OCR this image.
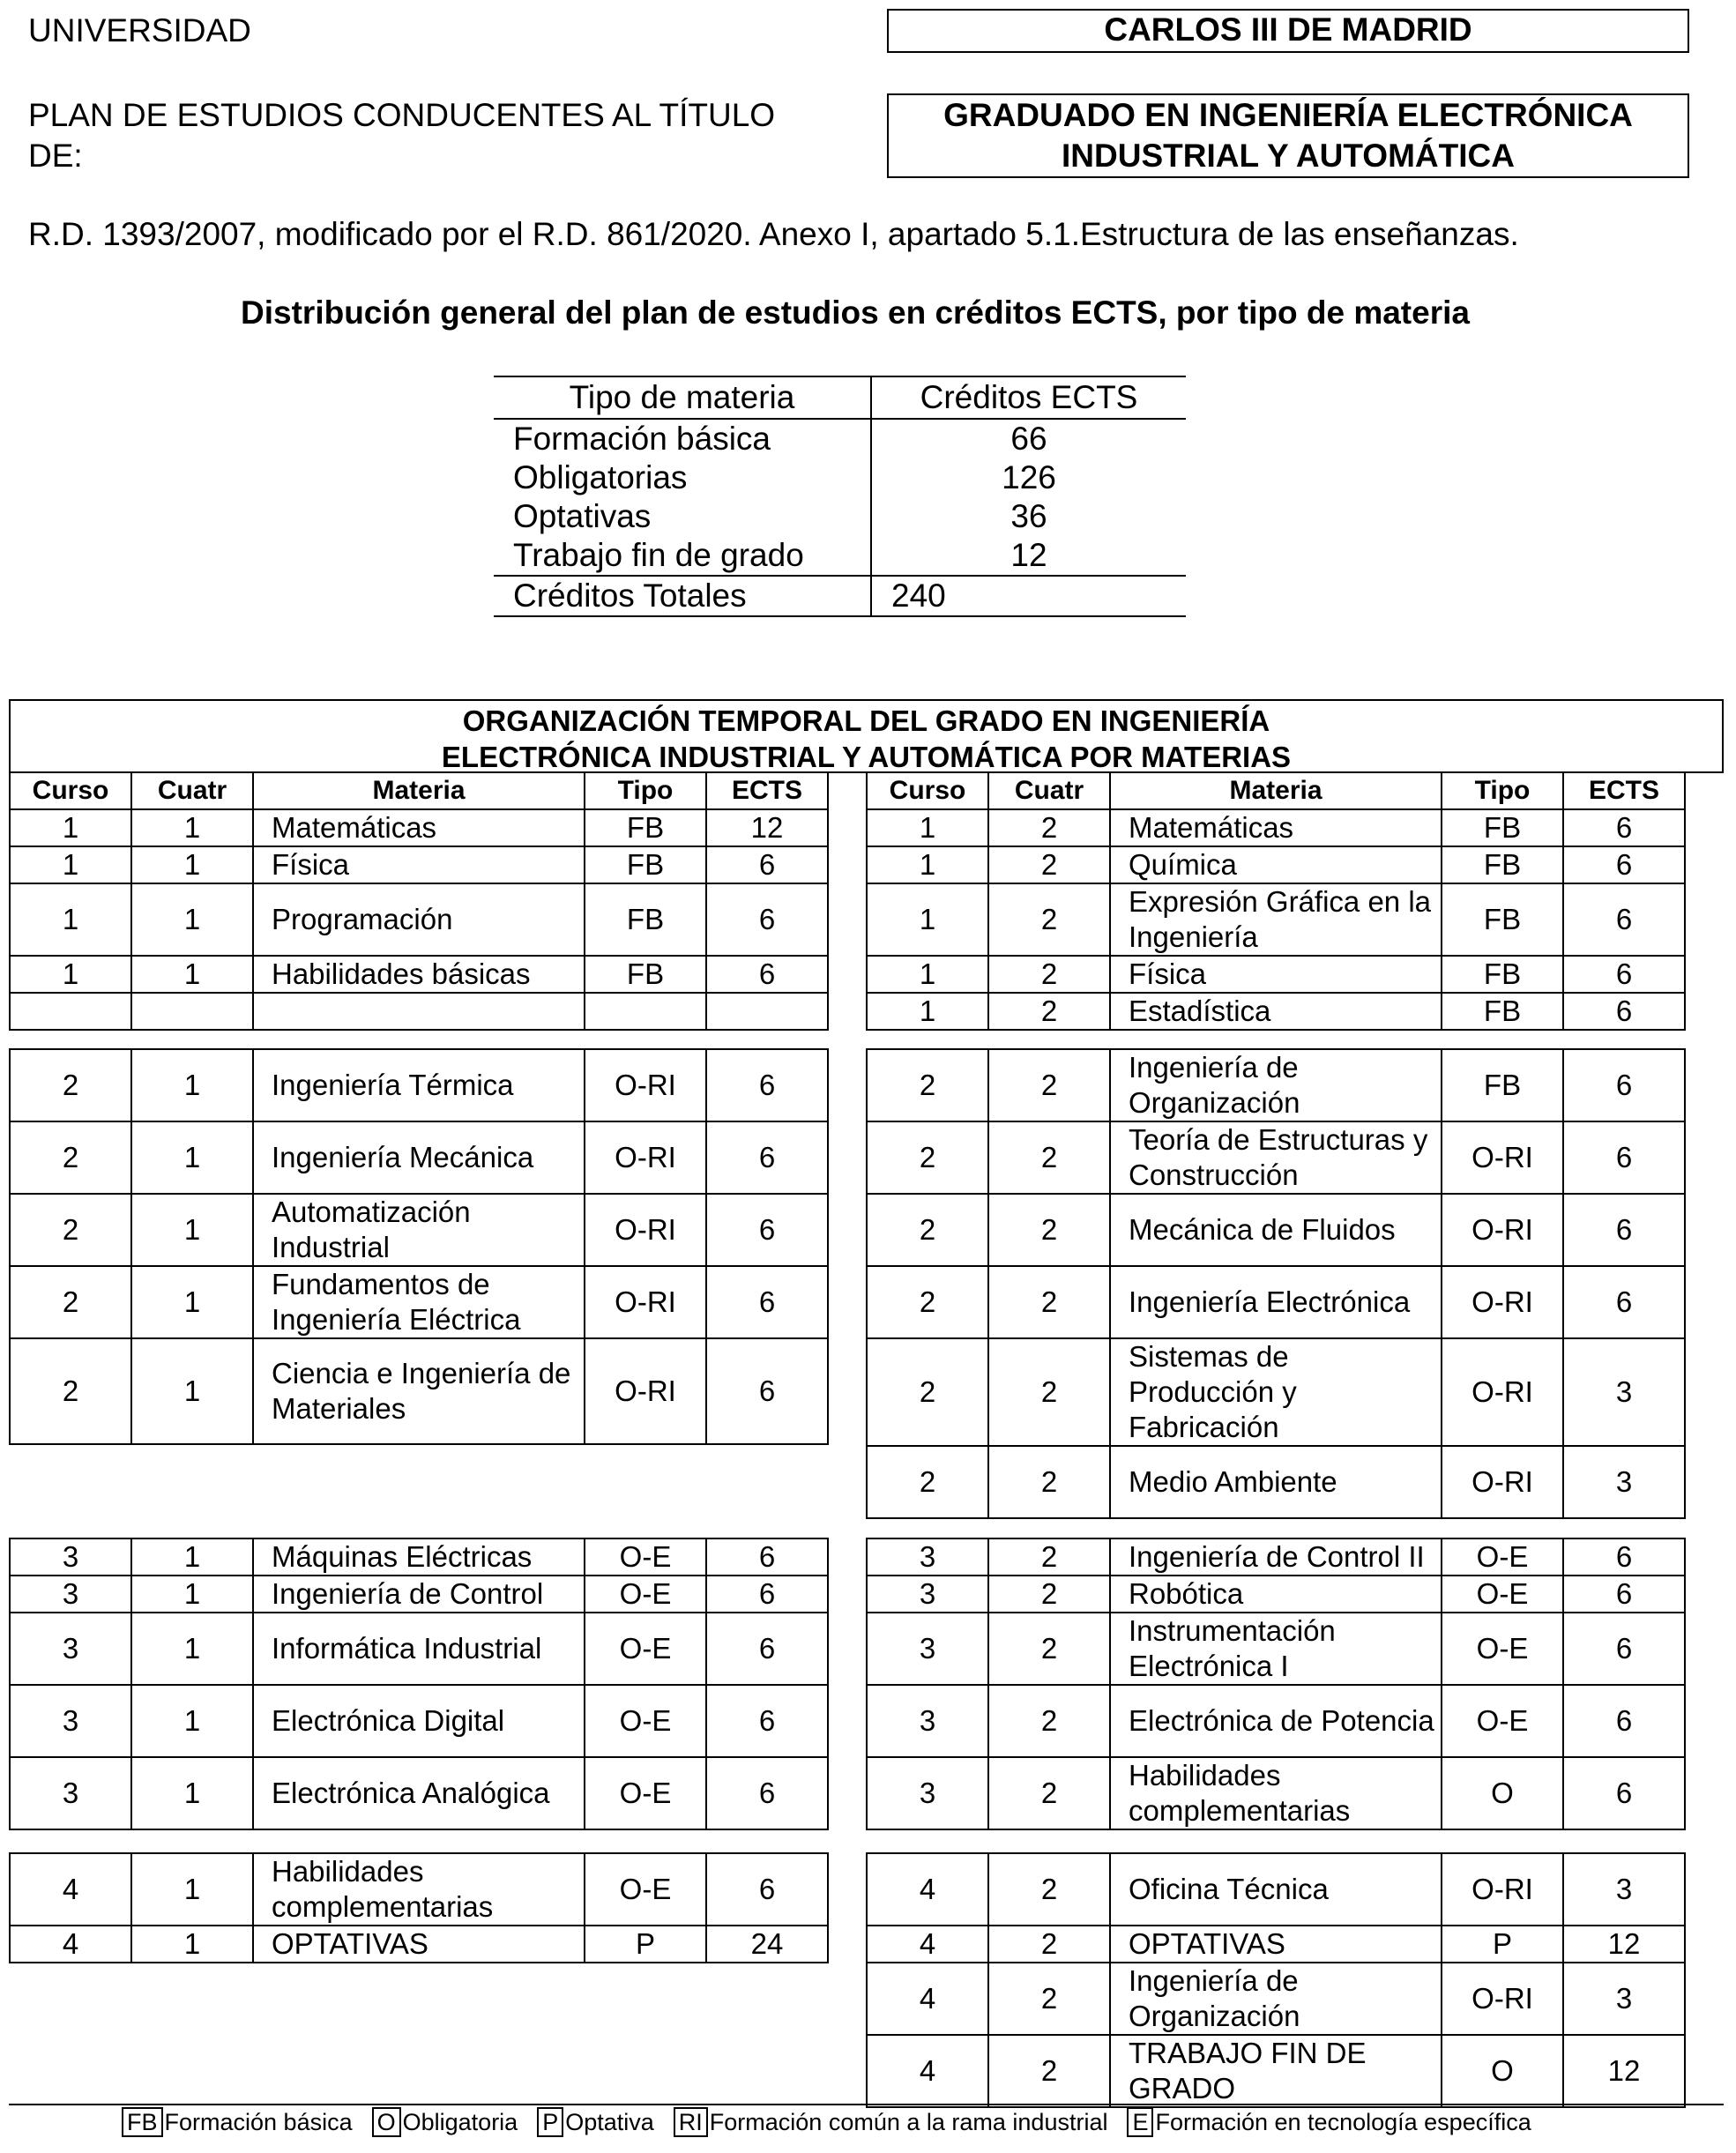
UNIVERSIDAD	CARLOS III DE MADRID
PLAN DE ESTUDIOS CONDUCENTES AL TÍTULO
DE:
GRADUADO EN INGENIERÍA ELECTRÓNICA
INDUSTRIAL Y AUTOMÁTICA
R.D. 1393/2007, modificado por el R.D. 861/2020. Anexo I, apartado 5.1.Estructura de las enseñanzas.
Distribución general del plan de estudios en créditos ECTS, por tipo de materia
Tipo de materia	Créditos ECTS
Formación básica	66
Obligatorias	126
Optativas	36
Trabajo fin de grado	12
Créditos Totales	240
ORGANIZACIÓN TEMPORAL DEL GRADO EN INGENIERÍA
ELECTRÓNICA INDUSTRIAL Y AUTOMÁTICA POR MATERIAS
Curso	Cuatr	Materia	Tipo	ECTS
1	1	Matemáticas	FB	12
1	1	Física	FB	6
1	1	Programación	FB	6
1	1	Habilidades básicas	FB	6

2	1	Ingeniería Térmica	O-RI	6
2	1	Ingeniería Mecánica	O-RI	6
2	1	Automatización Industrial	O-RI	6
2	1	Fundamentos de Ingeniería Eléctrica	O-RI	6
2	1	Ciencia e Ingeniería de Materiales	O-RI	6
3	1	Máquinas Eléctricas	O-E	6
3	1	Ingeniería de Control	O-E	6
3	1	Informática Industrial	O-E	6
3	1	Electrónica Digital	O-E	6
3	1	Electrónica Analógica	O-E	6
4	1	Habilidades complementarias	O-E	6
4	1	OPTATIVAS	P	24
Curso	Cuatr	Materia	Tipo	ECTS
1	2	Matemáticas	FB	6
1	2	Química	FB	6
1	2	Expresión Gráfica en la Ingeniería	FB	6
1	2	Física	FB	6
1	2	Estadística	FB	6
2	2	Ingeniería de Organización	FB	6
2	2	Teoría de Estructuras y Construcción	O-RI	6
2	2	Mecánica de Fluidos	O-RI	6
2	2	Ingeniería Electrónica	O-RI	6
2	2	Sistemas de Producción y Fabricación	O-RI	3
2	2	Medio Ambiente	O-RI	3
3	2	Ingeniería de Control II	O-E	6
3	2	Robótica	O-E	6
3	2	Instrumentación Electrónica I	O-E	6
3	2	Electrónica de Potencia	O-E	6
3	2	Habilidades complementarias	O	6
4	2	Oficina Técnica	O-RI	3
4	2	OPTATIVAS	P	12
4	2	Ingeniería de Organización	O-RI	3
4	2	TRABAJO FIN DE GRADO	O	12
FB Formación básica O Obligatoria P Optativa RI Formación común a la rama industrial E Formación en tecnología específica
